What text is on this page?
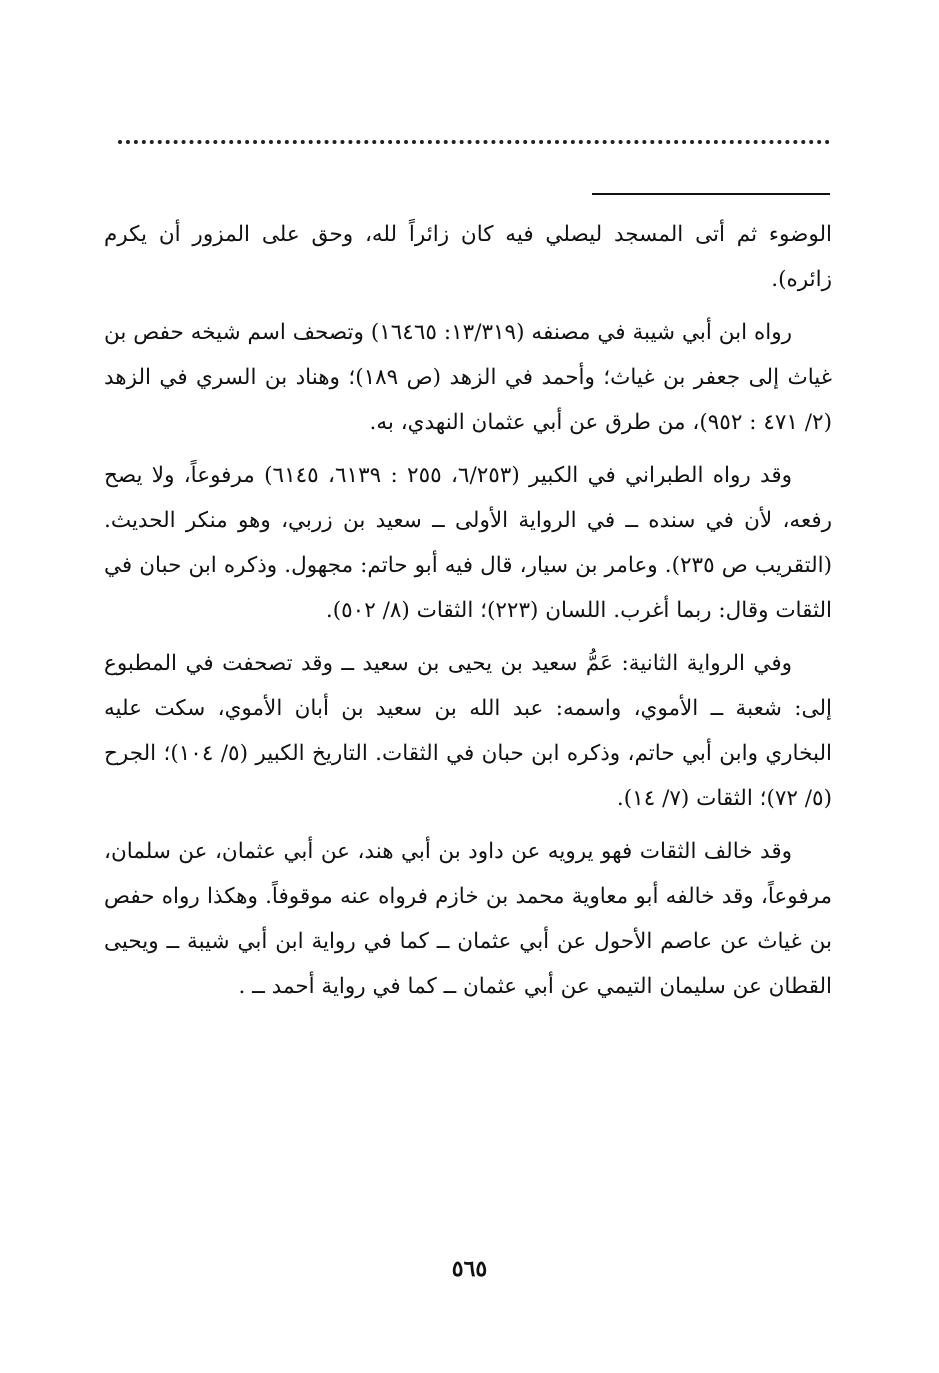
الوضوء ثم أتى المسجد ليصلي فيه كان زائراً لله، وحق على المزور أن يكرم زائره).

رواه ابن أبي شيبة في مصنفه (١٣/٣١٩: ١٦٤٦٥) وتصحف اسم شيخه حفص بن غياث إلى جعفر بن غياث؛ وأحمد في الزهد (ص ١٨٩)؛ وهناد بن السري في الزهد (٢/ ٤٧١ : ٩٥٢)، من طرق عن أبي عثمان النهدي، به.

وقد رواه الطبراني في الكبير (٦/٢٥٣، ٢٥٥ : ٦١٣٩، ٦١٤٥) مرفوعاً، ولا يصح رفعه، لأن في سنده ــ في الرواية الأولى ــ سعيد بن زربي، وهو منكر الحديث. (التقريب ص ٢٣٥). وعامر بن سيار، قال فيه أبو حاتم: مجهول. وذكره ابن حبان في الثقات وقال: ربما أغرب. اللسان (٢٢٣)؛ الثقات (٨/ ٥٠٢).

وفي الرواية الثانية: عَمُّ سعيد بن يحيى بن سعيد ــ وقد تصحفت في المطبوع إلى: شعبة ــ الأموي، واسمه: عبد الله بن سعيد بن أبان الأموي، سكت عليه البخاري وابن أبي حاتم، وذكره ابن حبان في الثقات. التاريخ الكبير (٥/ ١٠٤)؛ الجرح (٥/ ٧٢)؛ الثقات (٧/ ١٤).

وقد خالف الثقات فهو يرويه عن داود بن أبي هند، عن أبي عثمان، عن سلمان، مرفوعاً، وقد خالفه أبو معاوية محمد بن خازم فرواه عنه موقوفاً. وهكذا رواه حفص بن غياث عن عاصم الأحول عن أبي عثمان ــ كما في رواية ابن أبي شيبة ــ ويحيى القطان عن سليمان التيمي عن أبي عثمان ــ كما في رواية أحمد ــ .

٥٦٥
